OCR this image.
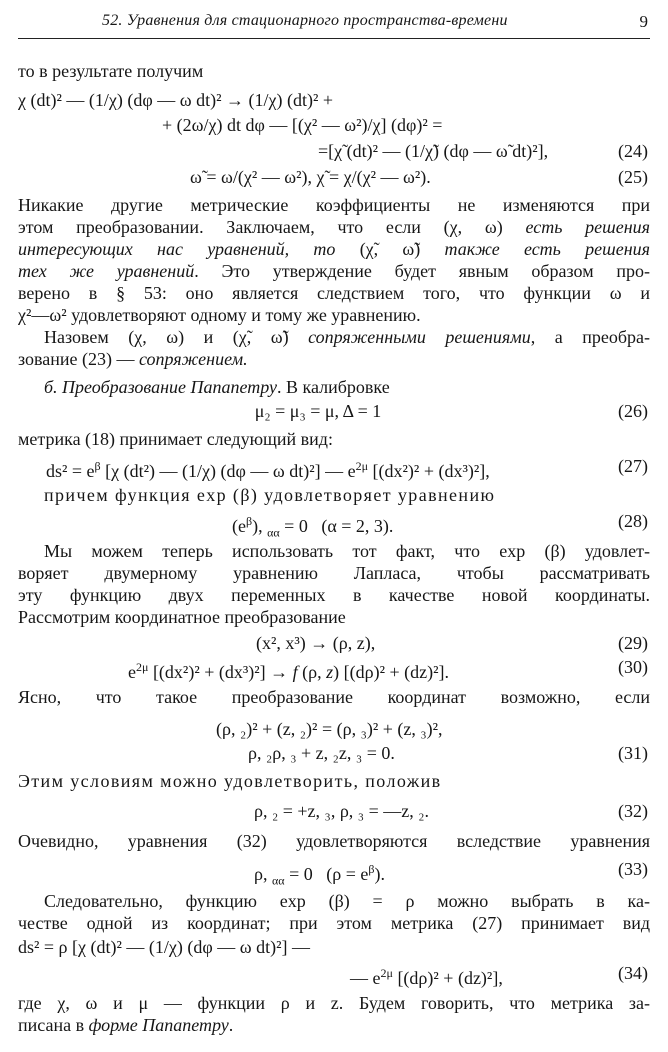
52. Уравнения для стационарного пространства-времени	9
то в результате получим
χ (dt)² — (1/χ) (dφ — ω dt)² → (1/χ) (dt)² +
+ (2ω/χ) dt dφ — [(χ² — ω²)/χ] (dφ)² =
=[χ̃ (dt)² — (1/χ̃) (dφ — ω̃ dt)²],	(24)
ω̃ = ω/(χ² — ω²), χ̃ = χ/(χ² — ω²).	(25)
Никакие другие метрические коэффициенты не изменяются при
этом преобразовании. Заключаем, что если (χ, ω) есть решения
интересующих нас уравнений, то (χ̃, ω̃) также есть решения
тех же уравнений. Это утверждение будет явным образом про-
верено в § 53: оно является следствием того, что функции ω и
χ²—ω² удовлетворяют одному и тому же уравнению.
Назовем (χ, ω) и (χ̃, ω̃) сопряженными решениями, а преобра-
зование (23) — сопряжением.
б. Преобразование Папапетру. В калибровке
μ₂ = μ₃ = μ, Δ = 1	(26)
метрика (18) принимает следующий вид:
$ds^2 = e^\beta$ [χ (dt²) — (1/χ) (dφ — ω dt)²] — $e^{2\mu}$ [(dx²)² + (dx³)²],	(27)
причем функция exp (β) удовлетворяет уравнению
$(e^\beta)$, $_{\alpha\alpha}$ = 0   (α = 2, 3).	(28)
Мы можем теперь использовать тот факт, что exp (β) удовлет-
воряет двумерному уравнению Лапласа, чтобы рассматривать
эту функцию двух переменных в качестве новой координаты.
Рассмотрим координатное преобразование
(x², x³) → (ρ, z),	(29)
$e^{2\mu}$ [(dx²)² + (dx³)²] → f (ρ, z) [(dρ)² + (dz)²].	(30)
Ясно, что такое преобразование координат возможно, если
(ρ, ₂)² + (z, ₂)² = (ρ, ₃)² + (z, ₃)²,
ρ, ₂ρ, ₃ + z, ₂z, ₃ = 0.	(31)
Этим условиям можно удовлетворить, положив
ρ, ₂ = +z, ₃, ρ, ₃ = —z, ₂.	(32)
Очевидно, уравнения (32) удовлетворяются вследствие уравнения
ρ, $_{\alpha\alpha}$ = 0   $(\rho = e^\beta)$.	(33)
Следовательно, функцию exp (β) = ρ можно выбрать в ка-
честве одной из координат; при этом метрика (27) принимает вид
ds² = ρ [χ (dt)² — (1/χ) (dφ — ω dt)²] —
— $e^{2\mu}$ [(dρ)² + (dz)²],	(34)
где χ, ω и μ — функции ρ и z. Будем говорить, что метрика за-
писана в форме Папапетру.
